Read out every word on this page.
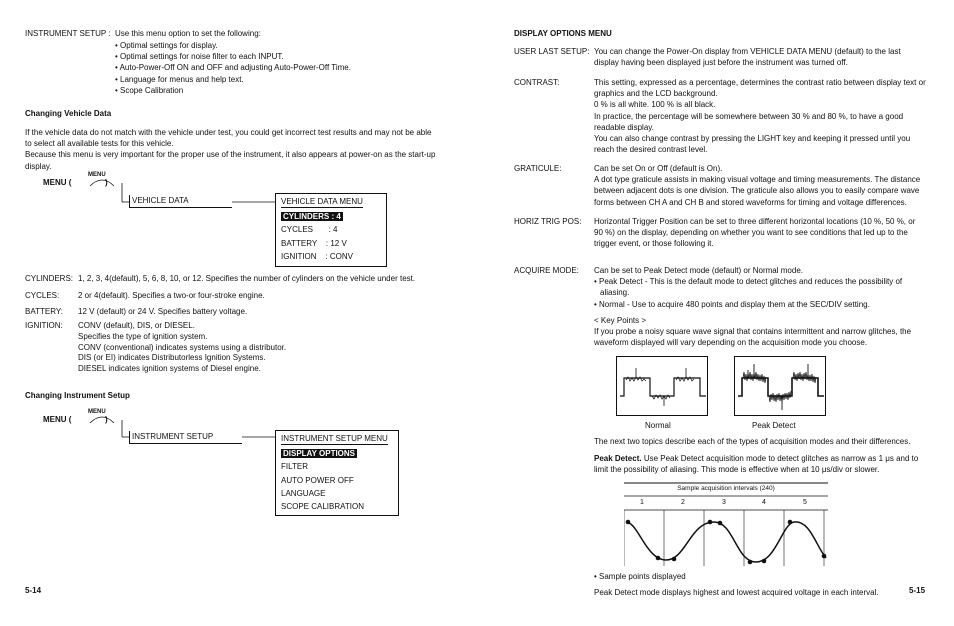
INSTRUMENT SETUP : Use this menu option to set the following:
• Optimal settings for display.
• Optimal settings for noise filter to each INPUT.
• Auto-Power-Off ON and OFF and adjusting Auto-Power-Off Time.
• Language for menus and help text.
• Scope Calibration
Changing Vehicle Data
If the vehicle data do not match with the vehicle under test, you could get incorrect test results and may not be able
to select all available tests for this vehicle.
Because this menu is very important for the proper use of the instrument, it also appears at power-on as the start-up
display.
MENU (
MENU
)
VEHICLE DATA	VEHICLE DATA MENU
CYLINDERS : 4
CYCLES       : 4
BATTERY    : 12 V
IGNITION    : CONV
CYLINDERS: 1, 2, 3, 4(default), 5, 6, 8, 10, or 12. Specifies the number of cylinders on the vehicle under test.
CYCLES: 2 or 4(default). Specifies a two-or four-stroke engine.
BATTERY: 12 V (default) or 24 V. Specifies battery voltage.
IGNITION: CONV (default), DIS, or DIESEL.
Specifies the type of ignition system.
CONV (conventional) indicates systems using a distributor.
DIS (or EI) indicates Distributorless Ignition Systems.
DIESEL indicates ignition systems of Diesel engine.
Changing Instrument Setup
MENU (
MENU
)
INSTRUMENT SETUP	INSTRUMENT SETUP MENU
DISPLAY OPTIONS
FILTER
AUTO POWER OFF
LANGUAGE
SCOPE CALIBRATION
5-14
DISPLAY OPTIONS MENU
USER LAST SETUP: You can change the Power-On display from VEHICLE DATA MENU (default) to the last
display having been displayed just before the instrument was turned off.
CONTRAST:	This setting, expressed as a percentage, determines the contrast ratio between display text or
graphics and the LCD background.
0 % is all white. 100 % is all black.
In practice, the percentage will be somewhere between 30 % and 80 %, to have a good
readable display.
You can also change contrast by pressing the LIGHT key and keeping it pressed until you
reach the desired contrast level.
GRATICULE:	Can be set On or Off (default is On).
A dot type graticule assists in making visual voltage and timing measurements. The distance
between adjacent dots is one division. The graticule also allows you to easily compare wave
forms between CH A and CH B and stored waveforms for timing and voltage differences.
HORIZ TRIG POS: Horizontal Trigger Position can be set to three different horizontal locations (10 %, 50 %, or
90 %) on the display, depending on whether you want to see conditions that led up to the
trigger event, or those following it.
ACQUIRE MODE: Can be set to Peak Detect mode (default) or Normal mode.
• Peak Detect - This is the default mode to detect glitches and reduces the possibility of
aliasing.
• Normal - Use to acquire 480 points and display them at the SEC/DIV setting.
< Key Points >
If you probe a noisy square wave signal that contains intermittent and narrow glitches, the
waveform displayed will vary depending on the acquisition mode you choose.
Normal	Peak Detect
The next two topics describe each of the types of acquisition modes and their differences.
Peak Detect. Use Peak Detect acquisition mode to detect glitches as narrow as 1 μs and to
limit the possibility of aliasing. This mode is effective when at 10 μs/div or slower.
Sample acquisition intervals (240)
1	2	3	4	5
• Sample points displayed
Peak Detect mode displays highest and lowest acquired voltage in each interval.	5-15
